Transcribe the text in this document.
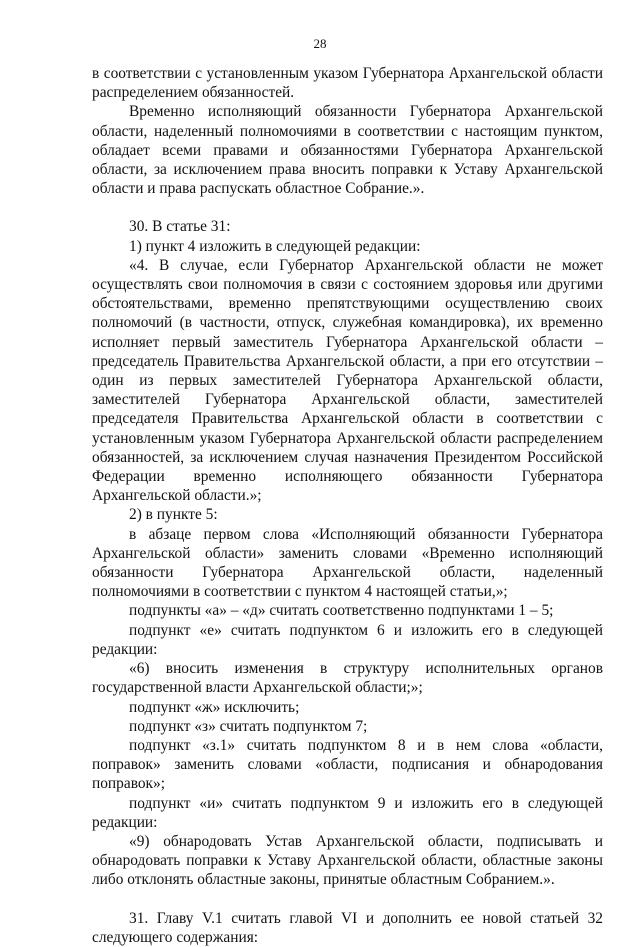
28

в соответствии с установленным указом Губернатора Архангельской области распределением обязанностей.

Временно исполняющий обязанности Губернатора Архангельской области, наделенный полномочиями в соответствии с настоящим пунктом, обладает всеми правами и обязанностями Губернатора Архангельской области, за исключением права вносить поправки к Уставу Архангельской области и права распускать областное Собрание.».

30. В статье 31:

1) пункт 4 изложить в следующей редакции:

«4. В случае, если Губернатор Архангельской области не может осуществлять свои полномочия в связи с состоянием здоровья или другими обстоятельствами, временно препятствующими осуществлению своих полномочий (в частности, отпуск, служебная командировка), их временно исполняет первый заместитель Губернатора Архангельской области – председатель Правительства Архангельской области, а при его отсутствии – один из первых заместителей Губернатора Архангельской области, заместителей Губернатора Архангельской области, заместителей председателя Правительства Архангельской области в соответствии с установленным указом Губернатора Архангельской области распределением обязанностей, за исключением случая назначения Президентом Российской Федерации временно исполняющего обязанности Губернатора Архангельской области.»;

2) в пункте 5:

в абзаце первом слова «Исполняющий обязанности Губернатора Архангельской области» заменить словами «Временно исполняющий обязанности Губернатора Архангельской области, наделенный полномочиями в соответствии с пунктом 4 настоящей статьи,»;

подпункты «а» – «д» считать соответственно подпунктами 1 – 5;

подпункт «е» считать подпунктом 6 и изложить его в следующей редакции:

«6) вносить изменения в структуру исполнительных органов государственной власти Архангельской области;»;

подпункт «ж» исключить;

подпункт «з» считать подпунктом 7;

подпункт «з.1» считать подпунктом 8 и в нем слова «области, поправок» заменить словами «области, подписания и обнародования поправок»;

подпункт «и» считать подпунктом 9 и изложить его в следующей редакции:

«9) обнародовать Устав Архангельской области, подписывать и обнародовать поправки к Уставу Архангельской области, областные законы либо отклонять областные законы, принятые областным Собранием.».

31. Главу V.1 считать главой VI и дополнить ее новой статьей 32 следующего содержания:
